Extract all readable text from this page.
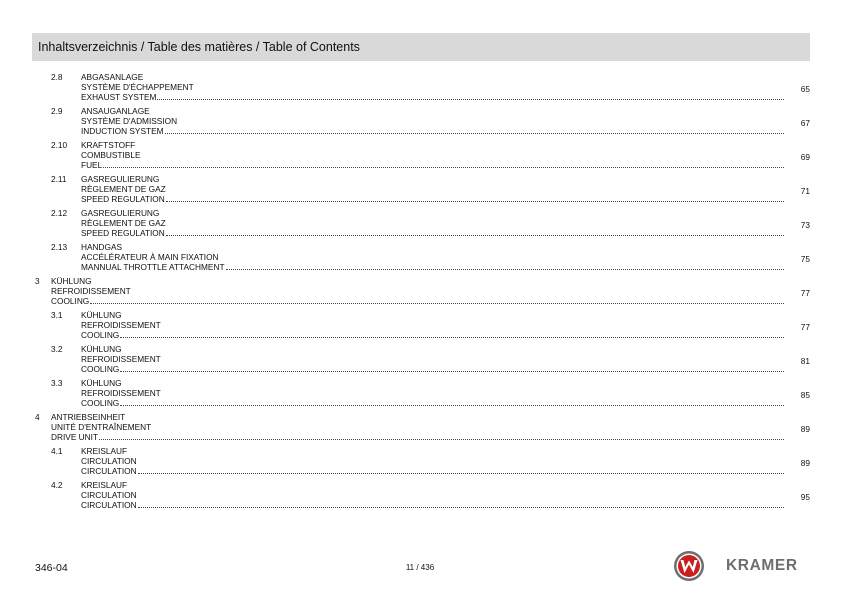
Inhaltsverzeichnis / Table des matières / Table of Contents
2.8 ABGASANLAGE
SYSTÈME D'ÉCHAPPEMENT
EXHAUST SYSTEM
65
2.9 ANSAUGANLAGE
SYSTÈME D'ADMISSION
INDUCTION SYSTEM
67
2.10 KRAFTSTOFF
COMBUSTIBLE
FUEL
69
2.11 GASREGULIERUNG
RÈGLEMENT DE GAZ
SPEED REGULATION
71
2.12 GASREGULIERUNG
RÈGLEMENT DE GAZ
SPEED REGULATION
73
2.13 HANDGAS
ACCÉLÉRATEUR À MAIN FIXATION
MANNUAL THROTTLE ATTACHMENT
75
3 KÜHLUNG
REFROIDISSEMENT
COOLING
77
3.1 KÜHLUNG
REFROIDISSEMENT
COOLING
77
3.2 KÜHLUNG
REFROIDISSEMENT
COOLING
81
3.3 KÜHLUNG
REFROIDISSEMENT
COOLING
85
4 ANTRIEBSEINHEIT
UNITÉ D'ENTRAÎNEMENT
DRIVE UNIT
89
4.1 KREISLAUF
CIRCULATION
CIRCULATION
89
4.2 KREISLAUF
CIRCULATION
CIRCULATION
95
346-04	11 / 436	KRAMER
